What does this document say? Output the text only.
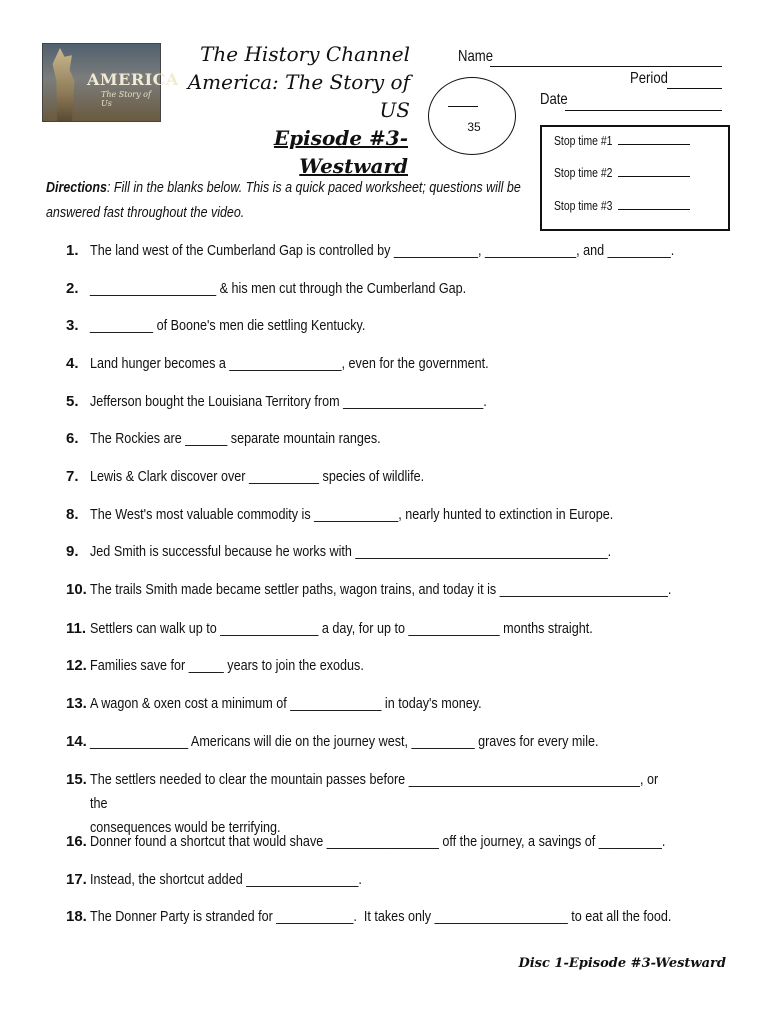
AMERICA
The Story of Us
The History Channel
America: The Story of US
Episode #3-Westward
35
Name
Period
Date
Stop time #1
Stop time #2
Stop time #3
Directions: Fill in the blanks below. This is a quick paced worksheet; questions will be answered fast throughout the video.
1. The land west of the Cumberland Gap is controlled by ____________, _____________, and _________.
2. __________________ & his men cut through the Cumberland Gap.
3. _________ of Boone's men die settling Kentucky.
4. Land hunger becomes a ________________, even for the government.
5. Jefferson bought the Louisiana Territory from ____________________.
6. The Rockies are ______ separate mountain ranges.
7. Lewis & Clark discover over __________ species of wildlife.
8. The West's most valuable commodity is ____________, nearly hunted to extinction in Europe.
9. Jed Smith is successful because he works with ____________________________________.
10. The trails Smith made became settler paths, wagon trains, and today it is ________________________.
11. Settlers can walk up to ______________ a day, for up to _____________ months straight.
12. Families save for _____ years to join the exodus.
13. A wagon & oxen cost a minimum of _____________ in today's money.
14. ______________ Americans will die on the journey west, _________ graves for every mile.
15. The settlers needed to clear the mountain passes before _________________________________, or the
consequences would be terrifying.
16. Donner found a shortcut that would shave ________________ off the journey, a savings of _________.
17. Instead, the shortcut added ________________.
18. The Donner Party is stranded for ___________.  It takes only ___________________ to eat all the food.
Disc 1-Episode #3-Westward
